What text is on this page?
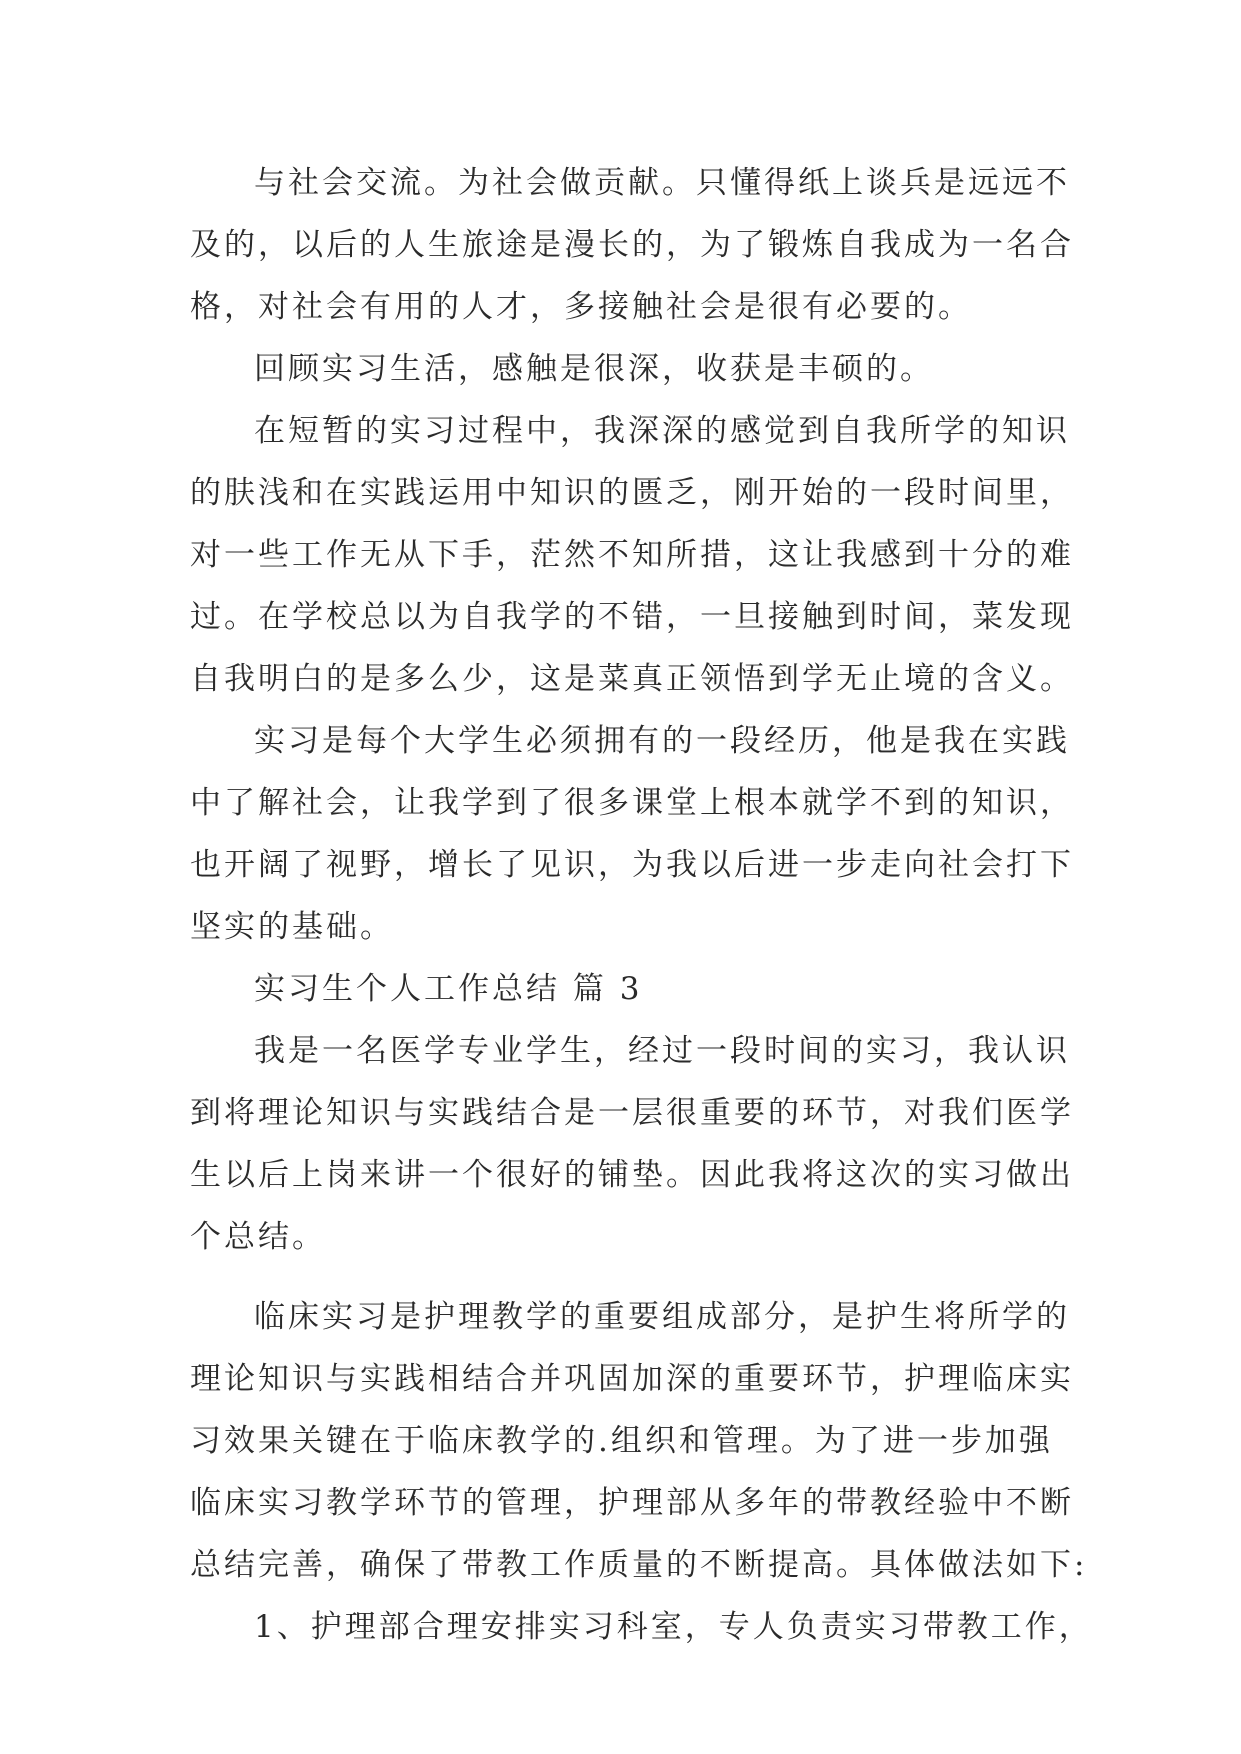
与社会交流。为社会做贡献。只懂得纸上谈兵是远远不
及的，以后的人生旅途是漫长的，为了锻炼自我成为一名合
格，对社会有用的人才，多接触社会是很有必要的。
回顾实习生活，感触是很深，收获是丰硕的。
在短暂的实习过程中，我深深的感觉到自我所学的知识
的肤浅和在实践运用中知识的匮乏，刚开始的一段时间里，
对一些工作无从下手，茫然不知所措，这让我感到十分的难
过。在学校总以为自我学的不错，一旦接触到时间，菜发现
自我明白的是多么少，这是菜真正领悟到学无止境的含义。
实习是每个大学生必须拥有的一段经历，他是我在实践
中了解社会，让我学到了很多课堂上根本就学不到的知识，
也开阔了视野，增长了见识，为我以后进一步走向社会打下
坚实的基础。
实习生个人工作总结 篇 3
我是一名医学专业学生，经过一段时间的实习，我认识
到将理论知识与实践结合是一层很重要的环节，对我们医学
生以后上岗来讲一个很好的铺垫。因此我将这次的实习做出
个总结。
临床实习是护理教学的重要组成部分，是护生将所学的
理论知识与实践相结合并巩固加深的重要环节，护理临床实
习效果关键在于临床教学的.组织和管理。为了进一步加强
临床实习教学环节的管理，护理部从多年的带教经验中不断
总结完善，确保了带教工作质量的不断提高。具体做法如下:
1、护理部合理安排实习科室，专人负责实习带教工作，
